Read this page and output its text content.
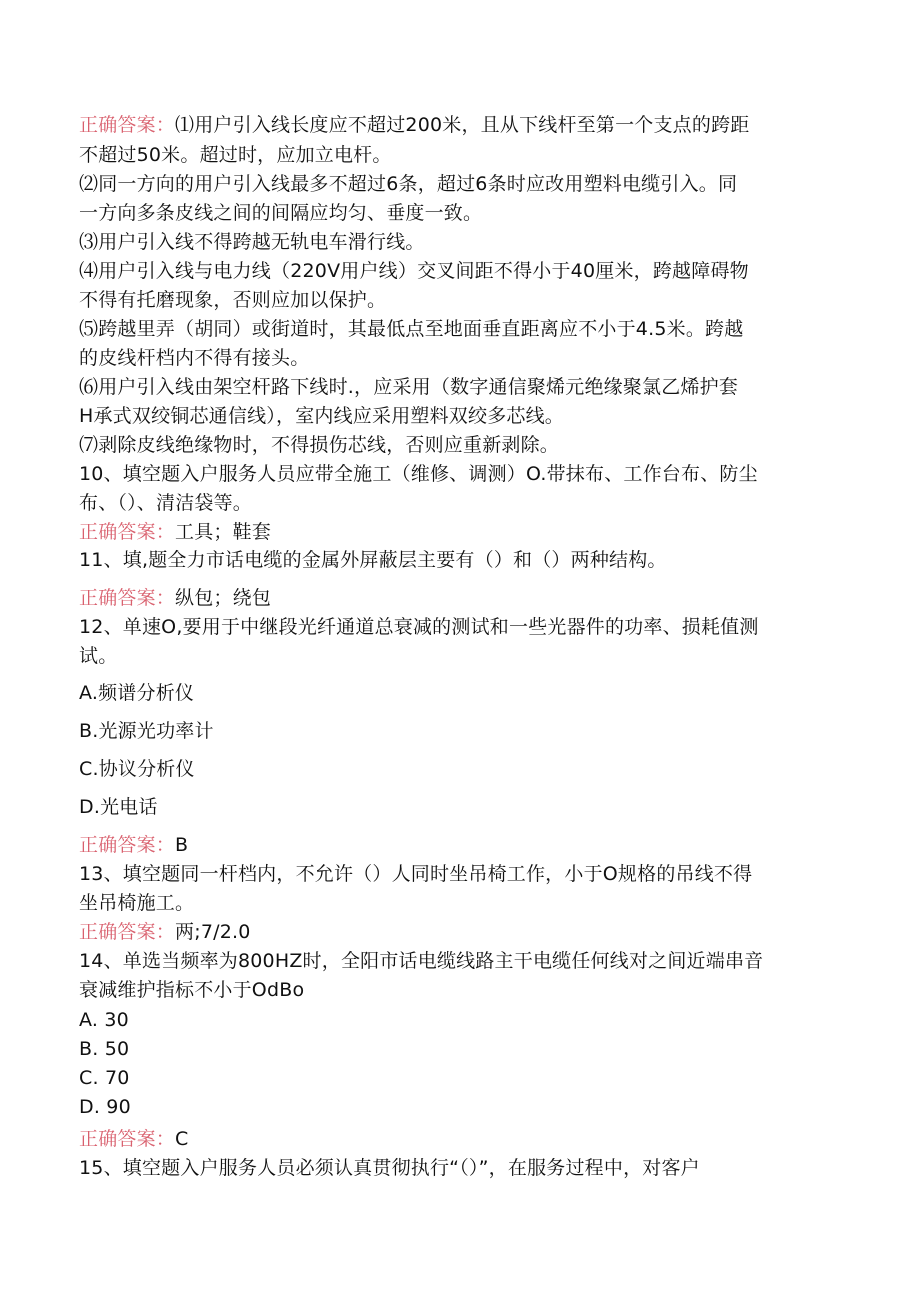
正确答案：⑴用户引入线长度应不超过200米，且从下线杆至第一个支点的跨距
不超过50米。超过时，应加立电杆。
⑵同一方向的用户引入线最多不超过6条，超过6条时应改用塑料电缆引入。同
一方向多条皮线之间的间隔应均匀、垂度一致。
⑶用户引入线不得跨越无轨电车滑行线。
⑷用户引入线与电力线（220V用户线）交叉间距不得小于40厘米，跨越障碍物
不得有托磨现象，否则应加以保护。
⑸跨越里弄（胡同）或街道时，其最低点至地面垂直距离应不小于4.5米。跨越
的皮线杆档内不得有接头。
⑹用户引入线由架空杆路下线时.，应采用（数字通信聚烯元绝缘聚氯乙烯护套
H承式双绞铜芯通信线），室内线应采用塑料双绞多芯线。
⑺剥除皮线绝缘物时，不得损伤芯线，否则应重新剥除。
10、填空题入户服务人员应带全施工（维修、调测）O.带抹布、工作台布、防尘
布、（）、清洁袋等。
正确答案：工具；鞋套
11、填,题全力市话电缆的金属外屏蔽层主要有（）和（）两种结构。
正确答案：纵包；绕包
12、单速O,要用于中继段光纤通道总衰减的测试和一些光器件的功率、损耗值测
试。
A.频谱分析仪
B.光源光功率计
C.协议分析仪
D.光电话
正确答案：B
13、填空题同一杆档内，不允许（）人同时坐吊椅工作，小于O规格的吊线不得
坐吊椅施工。
正确答案：两;7/2.0
14、单选当频率为800HZ时，全阳市话电缆线路主干电缆任何线对之间近端串音
衰减维护指标不小于OdBo
A. 30
B. 50
C. 70
D. 90
正确答案：C
15、填空题入户服务人员必须认真贯彻执行“（）”，在服务过程中，对客户
